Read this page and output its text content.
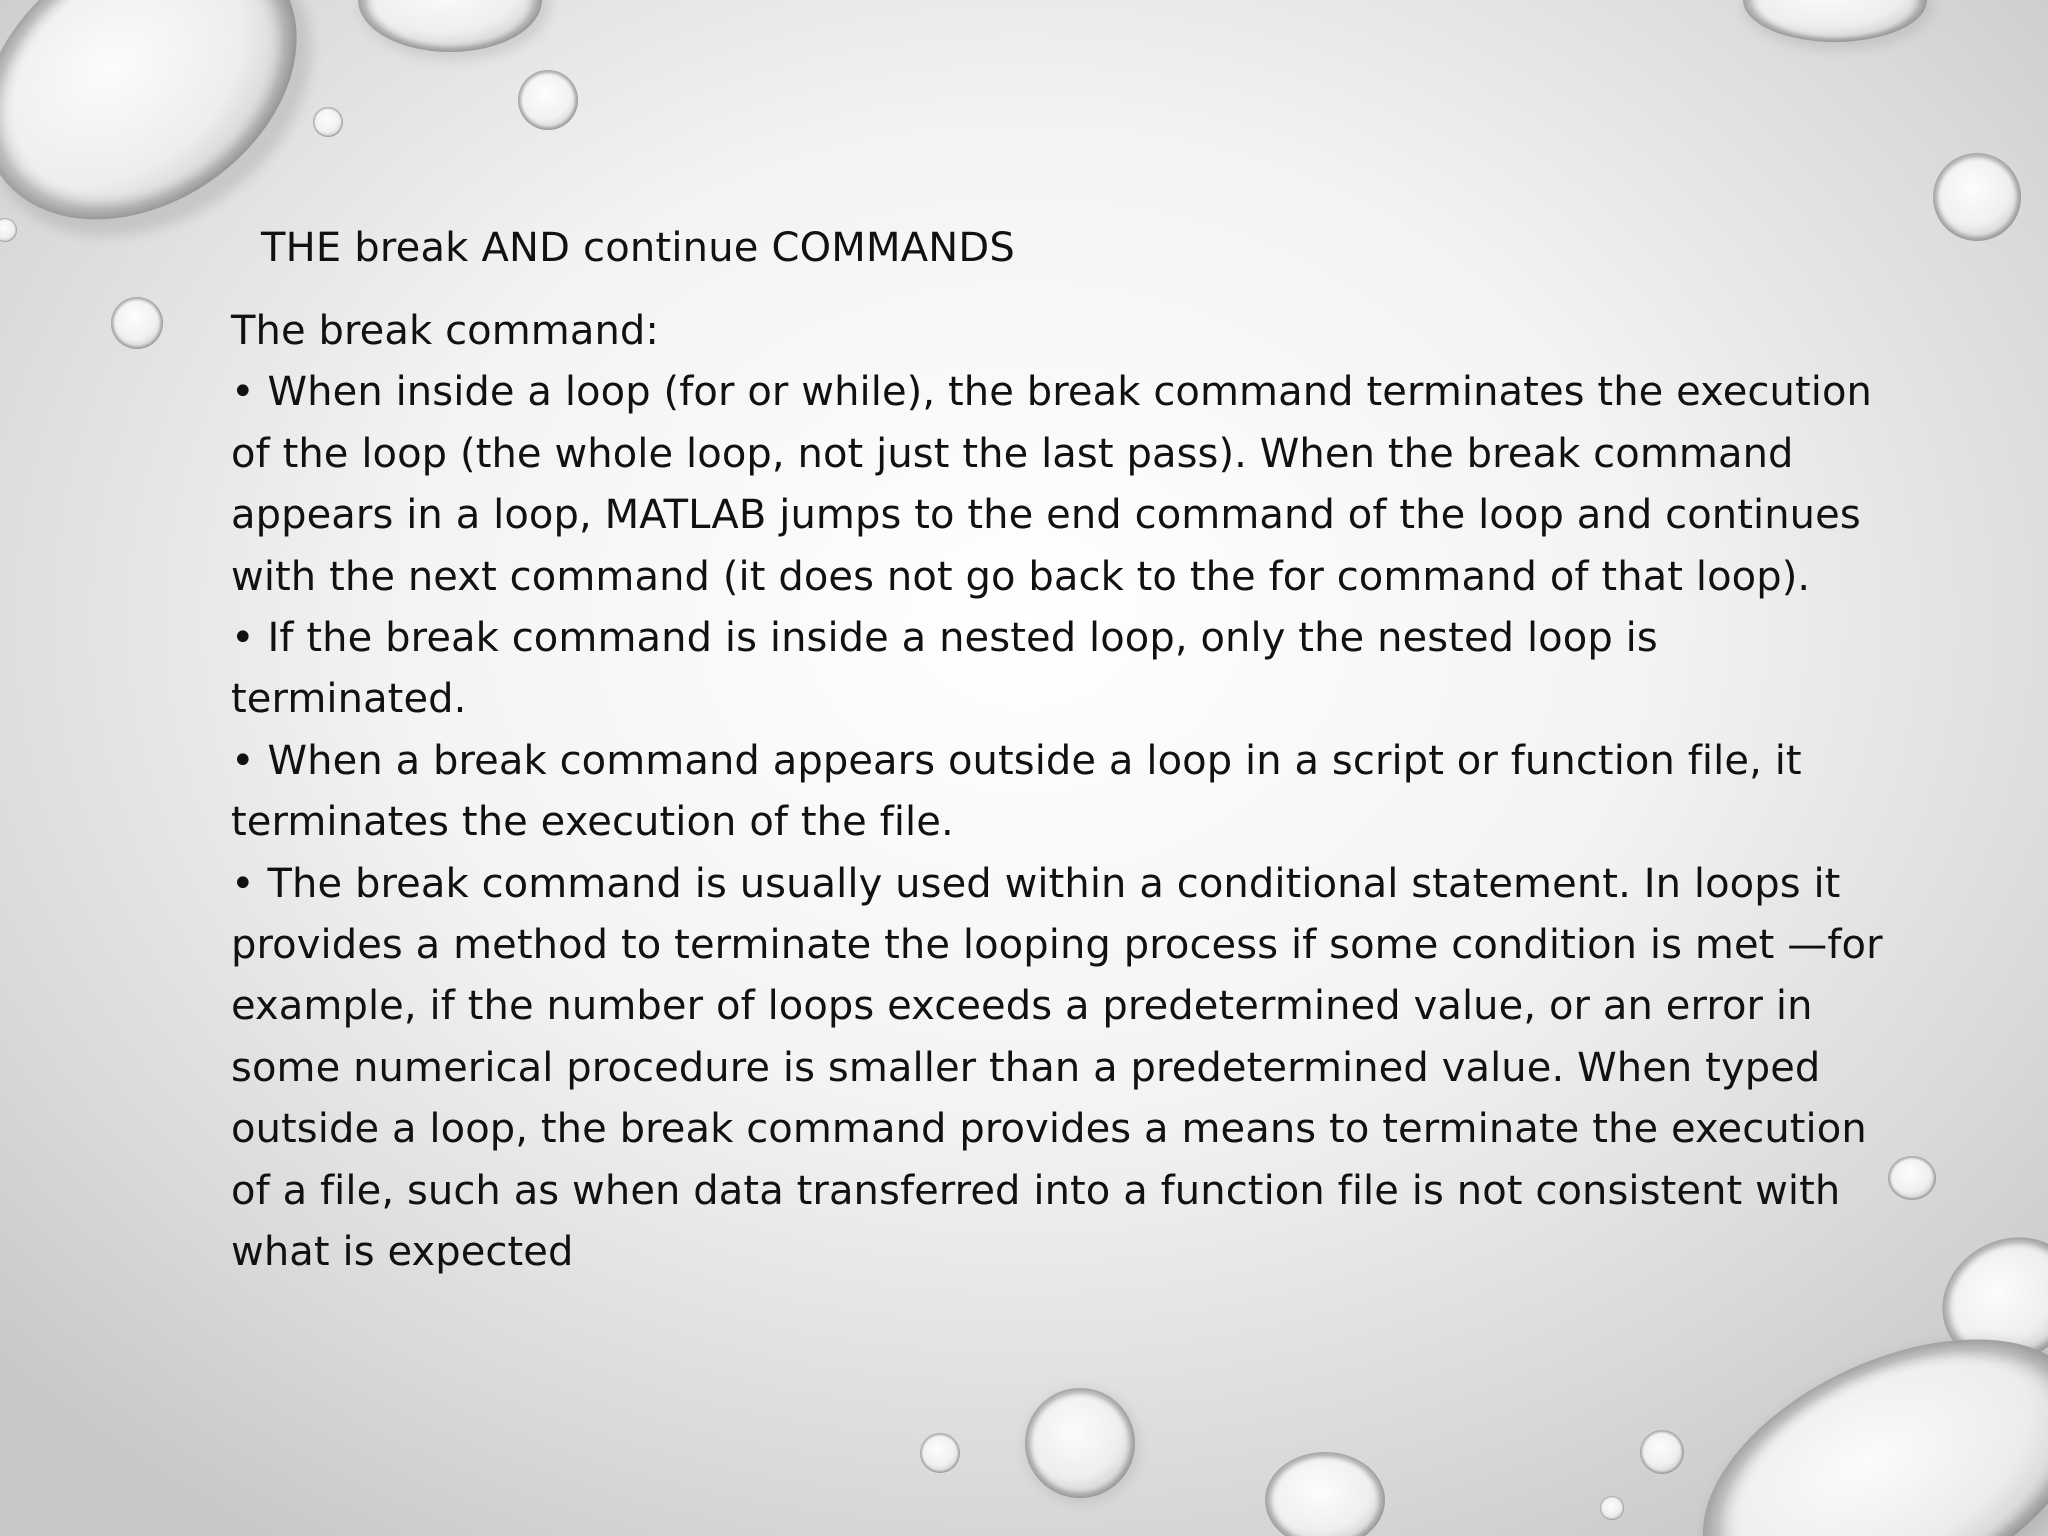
THE break AND continue COMMANDS
The break command:
• When inside a loop (for or while), the break command terminates the execution
of the loop (the whole loop, not just the last pass). When the break command
appears in a loop, MATLAB jumps to the end command of the loop and continues
with the next command (it does not go back to the for command of that loop).
• If the break command is inside a nested loop, only the nested loop is
terminated.
• When a break command appears outside a loop in a script or function file, it
terminates the execution of the file.
• The break command is usually used within a conditional statement. In loops it
provides a method to terminate the looping process if some condition is met —for
example, if the number of loops exceeds a predetermined value, or an error in
some numerical procedure is smaller than a predetermined value. When typed
outside a loop, the break command provides a means to terminate the execution
of a file, such as when data transferred into a function file is not consistent with
what is expected
